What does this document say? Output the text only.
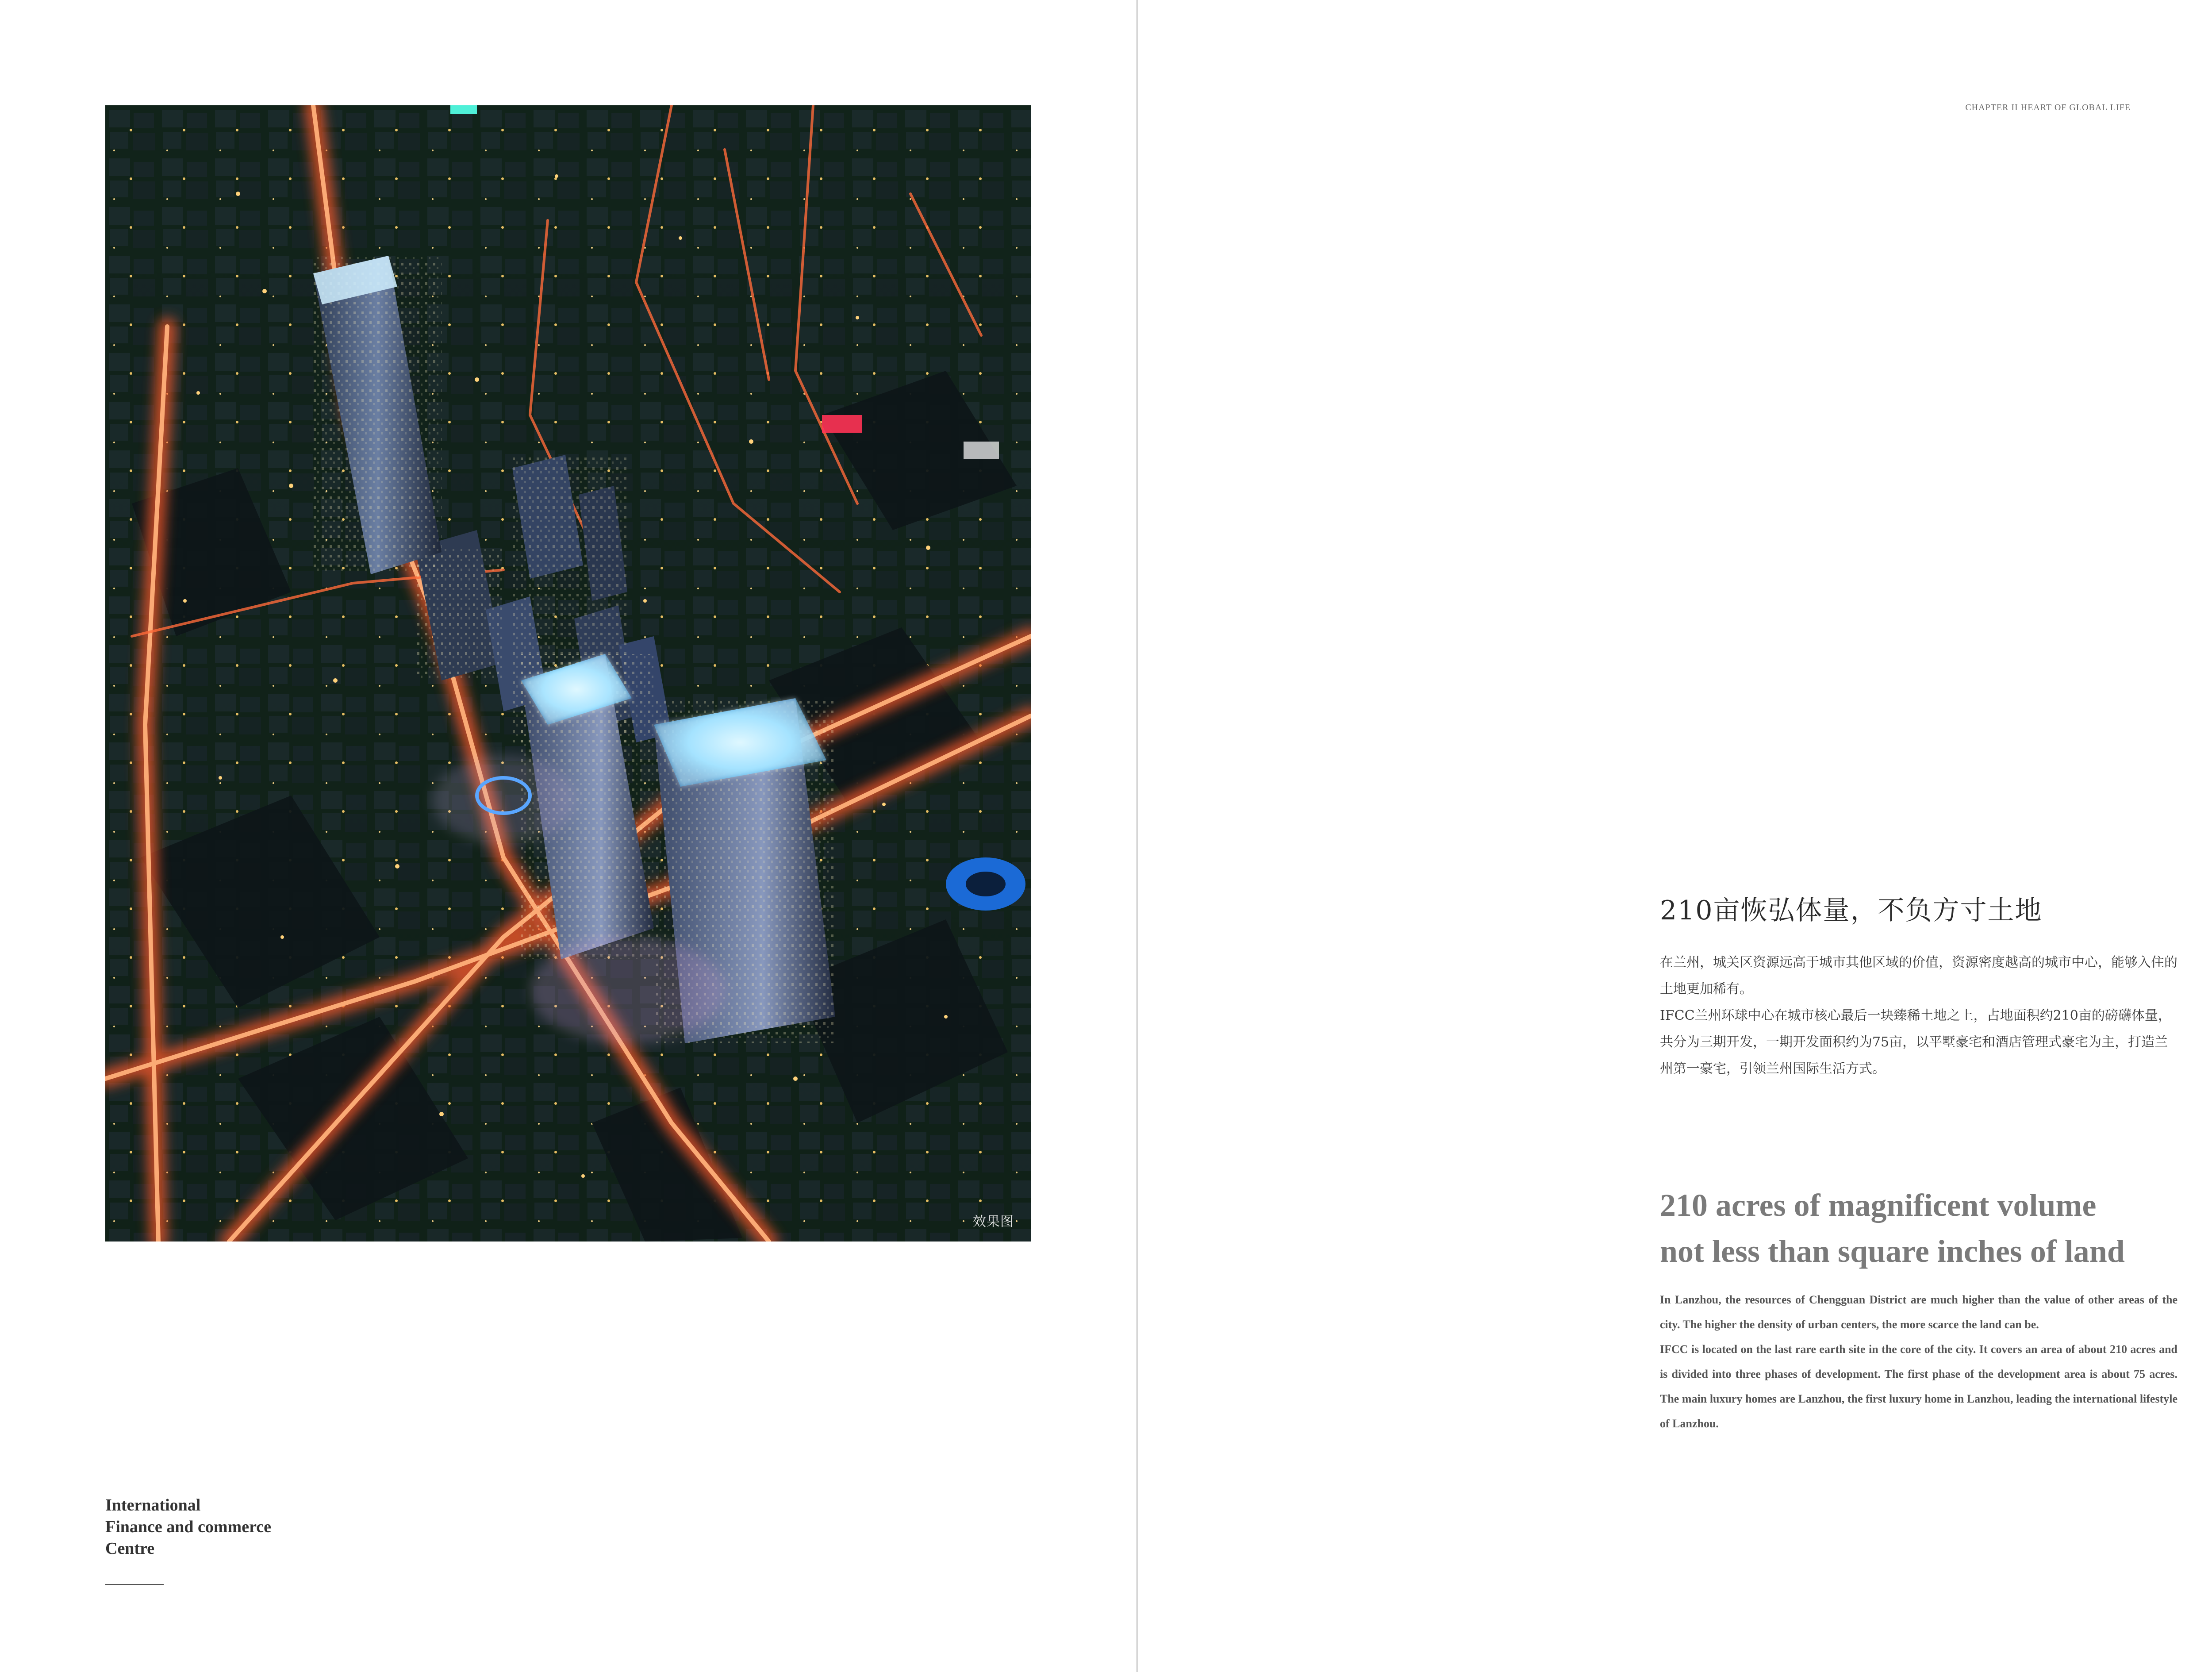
效果图
International
Finance and commerce
Centre
CHAPTER II HEART OF GLOBAL LIFE
210亩恢弘体量，不负方寸土地

在兰州，城关区资源远高于城市其他区域的价值，资源密度越高的城市中心，能够入住的土地更加稀有。

IFCC兰州环球中心在城市核心最后一块臻稀土地之上，占地面积约210亩的磅礴体量，共分为三期开发，一期开发面积约为75亩，以平墅豪宅和酒店管理式豪宅为主，打造兰州第一豪宅，引领兰州国际生活方式。

210 acres of magnificent volume
not less than square inches of land

In Lanzhou, the resources of Chengguan District are much higher than the value of other areas of the city. The higher the density of urban centers, the more scarce the land can be.

IFCC is located on the last rare earth site in the core of the city. It covers an area of about 210 acres and is divided into three phases of development. The first phase of the development area is about 75 acres. The main luxury homes are Lanzhou, the first luxury home in Lanzhou, leading the international lifestyle of Lanzhou.
